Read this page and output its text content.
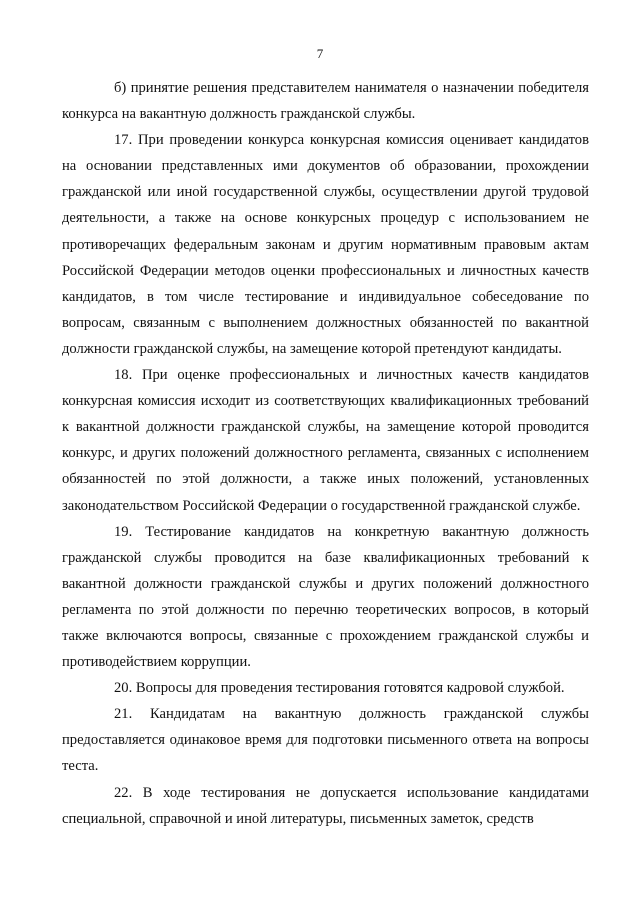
7

б) принятие решения представителем нанимателя о назначении победителя конкурса на вакантную должность гражданской службы.

17. При проведении конкурса конкурсная комиссия оценивает кандидатов на основании представленных ими документов об образовании, прохождении гражданской или иной государственной службы, осуществлении другой трудовой деятельности, а также на основе конкурсных процедур с использованием не противоречащих федеральным законам и другим нормативным правовым актам Российской Федерации методов оценки профессиональных и личностных качеств кандидатов, в том числе тестирование и индивидуальное собеседование по вопросам, связанным с выполнением должностных обязанностей по вакантной должности гражданской службы, на замещение которой претендуют кандидаты.

18. При оценке профессиональных и личностных качеств кандидатов конкурсная комиссия исходит из соответствующих квалификационных требований к вакантной должности гражданской службы, на замещение которой проводится конкурс, и других положений должностного регламента, связанных с исполнением обязанностей по этой должности, а также иных положений, установленных законодательством Российской Федерации о государственной гражданской службе.

19. Тестирование кандидатов на конкретную вакантную должность гражданской службы проводится на базе квалификационных требований к вакантной должности гражданской службы и других положений должностного регламента по этой должности по перечню теоретических вопросов, в который также включаются вопросы, связанные с прохождением гражданской службы и противодействием коррупции.

20. Вопросы для проведения тестирования готовятся кадровой службой.

21. Кандидатам на вакантную должность гражданской службы предоставляется одинаковое время для подготовки письменного ответа на вопросы теста.

22. В ходе тестирования не допускается использование кандидатами специальной, справочной и иной литературы, письменных заметок, средств
